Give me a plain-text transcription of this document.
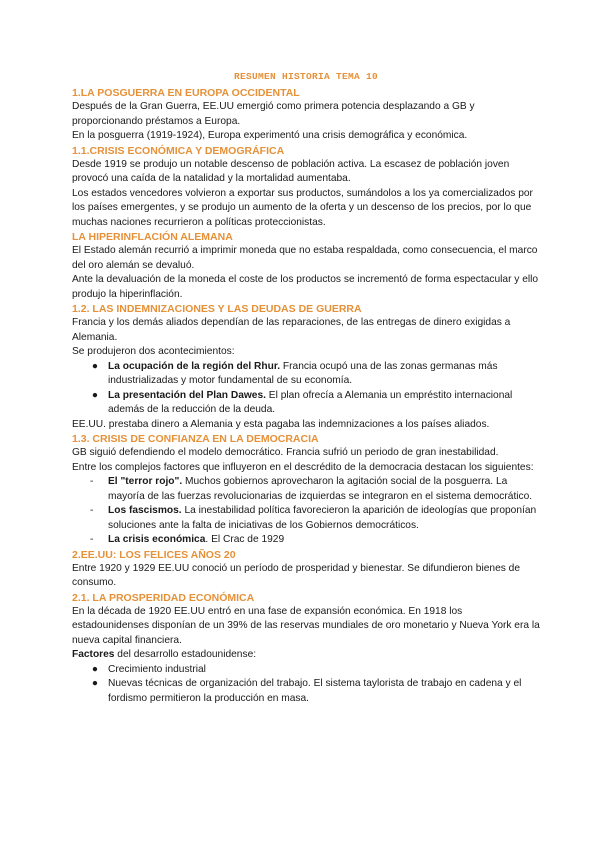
RESUMEN HISTORIA TEMA 10

1.LA POSGUERRA EN EUROPA OCCIDENTAL

Después de la Gran Guerra, EE.UU emergió como primera potencia desplazando a GB y proporcionando préstamos a Europa.

En la posguerra (1919-1924), Europa experimentó una crisis demográfica y económica.

1.1.CRISIS ECONÓMICA Y DEMOGRÁFICA

Desde 1919 se produjo un notable descenso de población activa. La escasez de población joven provocó una caída de la natalidad y la mortalidad aumentaba.

Los estados vencedores volvieron a exportar sus productos, sumándolos a los ya comercializados por los países emergentes, y se produjo un aumento de la oferta y un descenso de los precios, por lo que muchas naciones recurrieron a políticas proteccionistas.

LA HIPERINFLACIÓN ALEMANA

El Estado alemán recurrió a imprimir moneda que no estaba respaldada, como consecuencia, el marco del oro alemán se devaluó.

Ante la devaluación de la moneda el coste de los productos se incrementó de forma espectacular y ello produjo la hiperinflación.

1.2. LAS INDEMNIZACIONES Y LAS DEUDAS DE GUERRA

Francia y los demás aliados dependían de las reparaciones, de las entregas de dinero exigidas a Alemania.

Se produjeron dos acontecimientos:

● La ocupación de la región del Rhur. Francia ocupó una de las zonas germanas más industrializadas y motor fundamental de su economía.
● La presentación del Plan Dawes. El plan ofrecía a Alemania un empréstito internacional además de la reducción de la deuda.

EE.UU. prestaba dinero a Alemania y esta pagaba las indemnizaciones a los países aliados.

1.3. CRISIS DE CONFIANZA EN LA DEMOCRACIA

GB siguió defendiendo el modelo democrático. Francia sufrió un periodo de gran inestabilidad.

Entre los complejos factores que influyeron en el descrédito de la democracia destacan los siguientes:

- El "terror rojo". Muchos gobiernos aprovecharon la agitación social de la posguerra. La mayoría de las fuerzas revolucionarias de izquierdas se integraron en el sistema democrático.
- Los fascismos. La inestabilidad política favorecieron la aparición de ideologías que proponían soluciones ante la falta de iniciativas de los Gobiernos democráticos.
- La crisis económica. El Crac de 1929

2.EE.UU: LOS FELICES AÑOS 20

Entre 1920 y 1929 EE.UU conoció un período de prosperidad y bienestar. Se difundieron bienes de consumo.

2.1. LA PROSPERIDAD ECONÓMICA

En la década de 1920 EE.UU entró en una fase de expansión económica. En 1918 los estadounidenses disponían de un 39% de las reservas mundiales de oro monetario y Nueva York era la nueva capital financiera.

Factores del desarrollo estadounidense:

● Crecimiento industrial
● Nuevas técnicas de organización del trabajo. El sistema taylorista de trabajo en cadena y el fordismo permitieron la producción en masa.
